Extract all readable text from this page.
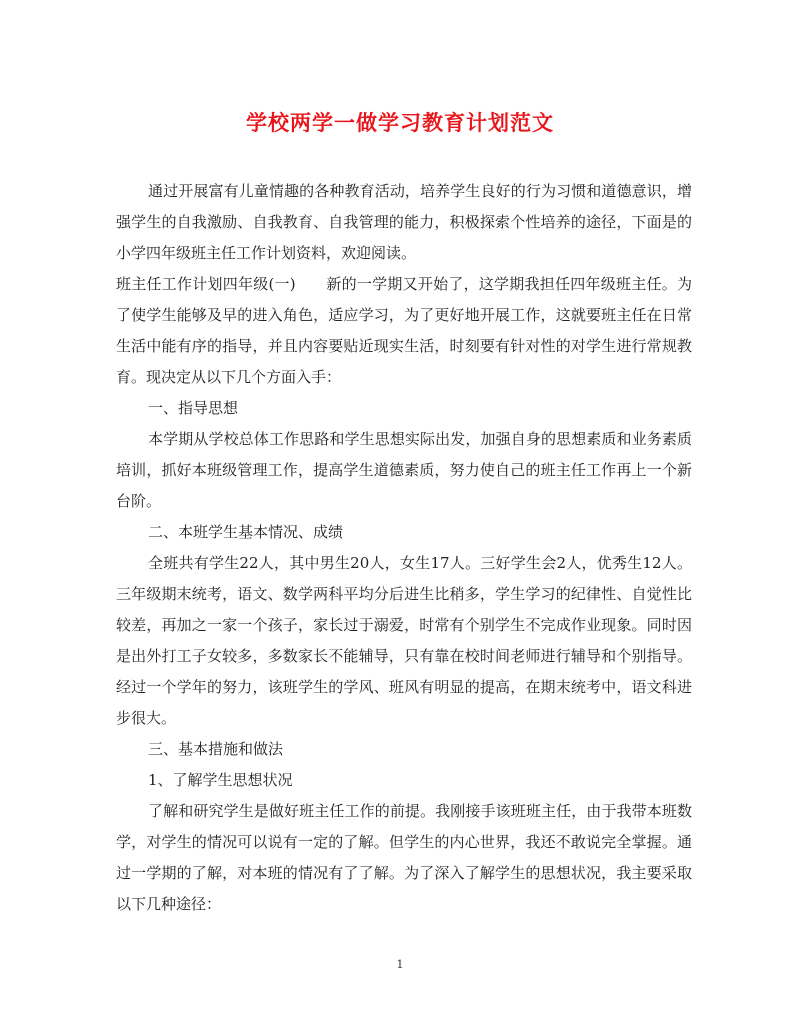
学校两学一做学习教育计划范文

通过开展富有儿童情趣的各种教育活动，培养学生良好的行为习惯和道德意识，增强学生的自我激励、自我教育、自我管理的能力，积极探索个性培养的途径，下面是的小学四年级班主任工作计划资料，欢迎阅读。

班主任工作计划四年级(一)　　新的一学期又开始了，这学期我担任四年级班主任。为了使学生能够及早的进入角色，适应学习，为了更好地开展工作，这就要班主任在日常生活中能有序的指导，并且内容要贴近现实生活，时刻要有针对性的对学生进行常规教育。现决定从以下几个方面入手：

一、指导思想

本学期从学校总体工作思路和学生思想实际出发，加强自身的思想素质和业务素质培训，抓好本班级管理工作，提高学生道德素质，努力使自己的班主任工作再上一个新台阶。

二、本班学生基本情况、成绩

全班共有学生22人，其中男生20人，女生17人。三好学生会2人，优秀生12人。三年级期末统考，语文、数学两科平均分后进生比稍多，学生学习的纪律性、自觉性比较差，再加之一家一个孩子，家长过于溺爱，时常有个别学生不完成作业现象。同时因是出外打工子女较多，多数家长不能辅导，只有靠在校时间老师进行辅导和个别指导。经过一个学年的努力，该班学生的学风、班风有明显的提高，在期末统考中，语文科进步很大。

三、基本措施和做法

1、了解学生思想状况

了解和研究学生是做好班主任工作的前提。我刚接手该班班主任，由于我带本班数学，对学生的情况可以说有一定的了解。但学生的内心世界，我还不敢说完全掌握。通过一学期的了解，对本班的情况有了了解。为了深入了解学生的思想状况，我主要采取以下几种途径：

1
